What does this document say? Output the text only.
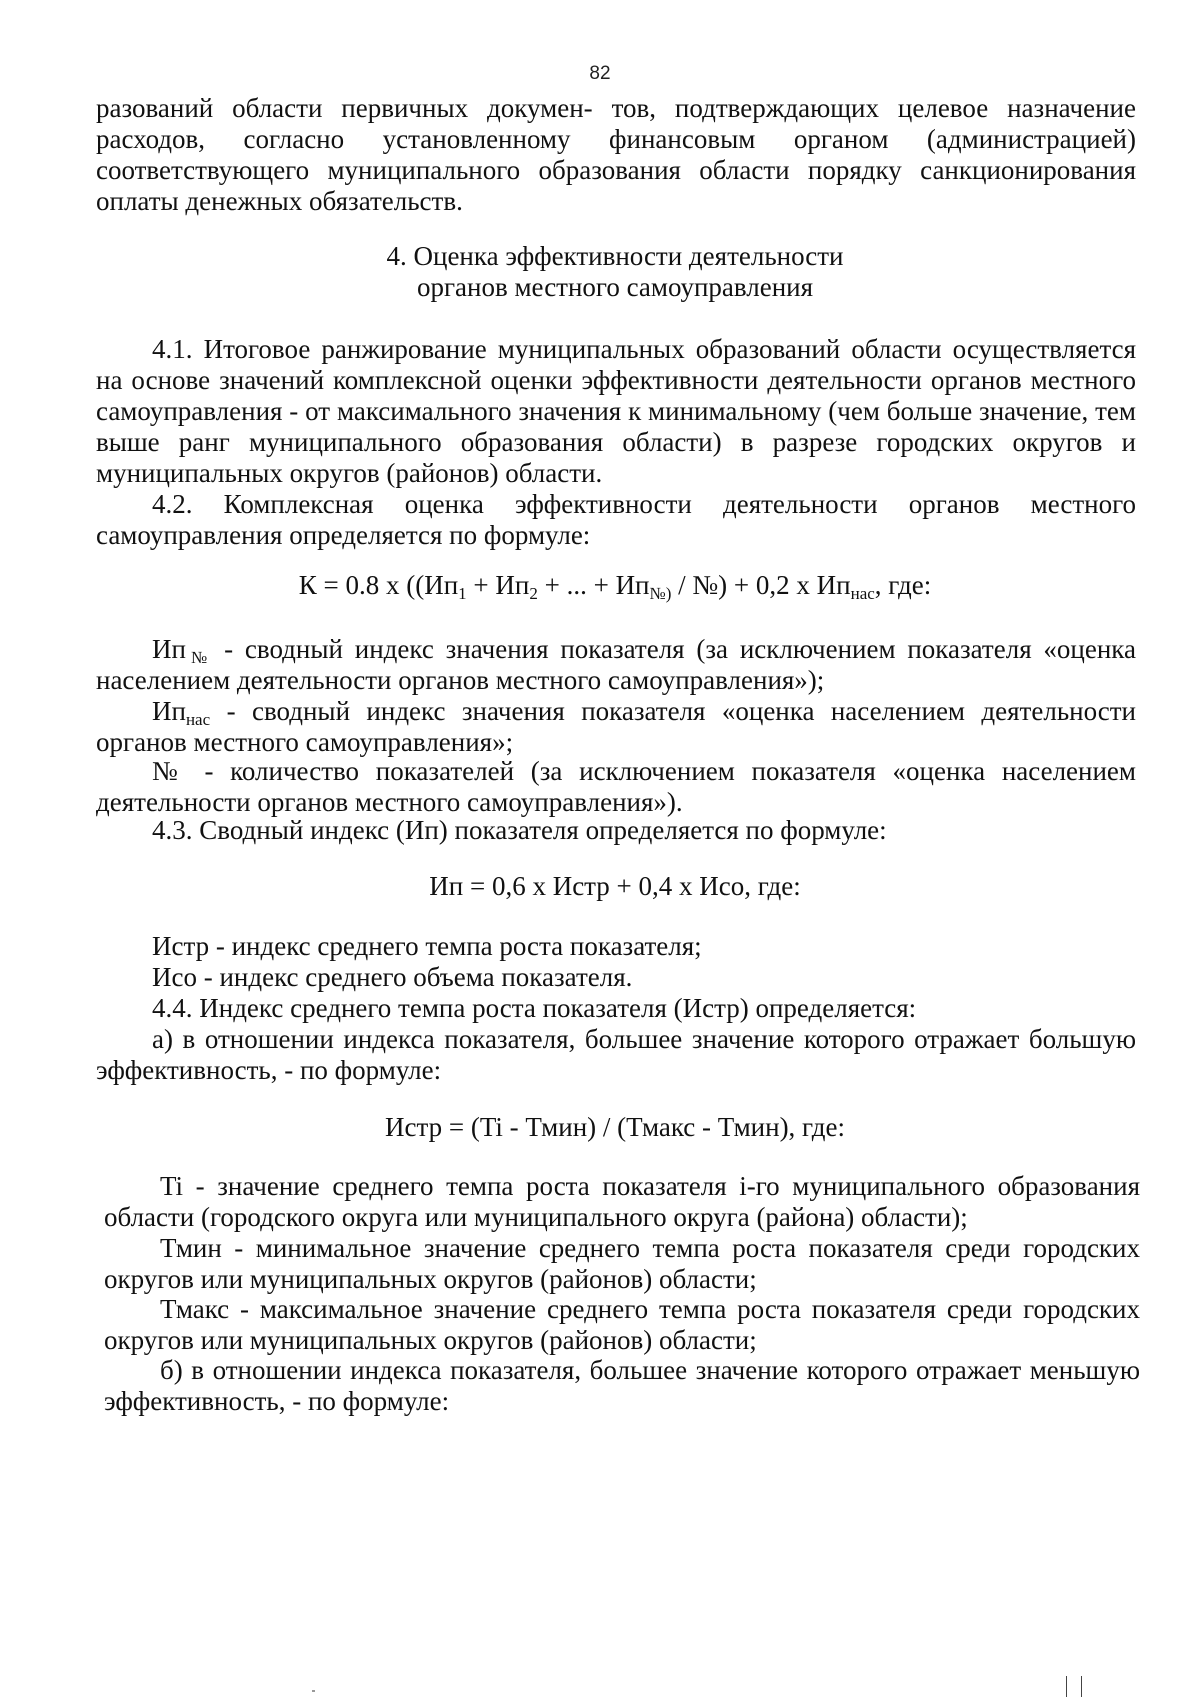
82

разований области первичных докумен- тов, подтверждающих целевое назначение расходов, согласно установленному финансовым органом (администрацией) соответствующего муниципального образования области порядку санкционирования оплаты денежных обязательств.

4. Оценка эффективности деятельности
органов местного самоуправления

4.1. Итоговое ранжирование муниципальных образований области осуществляется на основе значений комплексной оценки эффективности деятельности органов местного самоуправления - от максимального значения к минимальному (чем больше значение, тем выше ранг муниципального образования области) в разрезе городских округов и муниципальных округов (районов) области.

4.2. Комплексная оценка эффективности деятельности органов местного самоуправления определяется по формуле:

К = 0.8 x (($Ип_1 + Ип_2$ + ... + $Ип_{№)}$ / №) + 0,2 x $Ип_{нас}$, где:

$Ип_№$ - сводный индекс значения показателя (за исключением показателя «оценка населением деятельности органов местного самоуправления»);

$Ип_{нас}$ - сводный индекс значения показателя «оценка населением деятельности органов местного самоуправления»;

№ - количество показателей (за исключением показателя «оценка населением деятельности органов местного самоуправления»).

4.3. Сводный индекс (Ип) показателя определяется по формуле:

Ип = 0,6 x Истр + 0,4 x Исо, где:

Истр - индекс среднего темпа роста показателя;

Исо - индекс среднего объема показателя.

4.4. Индекс среднего темпа роста показателя (Истр) определяется:

а) в отношении индекса показателя, большее значение которого отражает большую эффективность, - по формуле:

Истр = (Ti - Тмин) / (Тмакс - Тмин), где:

Ti - значение среднего темпа роста показателя i-го муниципального образования области (городского округа или муниципального округа (района) области);

Тмин - минимальное значение среднего темпа роста показателя среди городских округов или муниципальных округов (районов) области;

Тмакс - максимальное значение среднего темпа роста показателя среди городских округов или муниципальных округов (районов) области;

б) в отношении индекса показателя, большее значение которого отражает меньшую эффективность, - по формуле:
